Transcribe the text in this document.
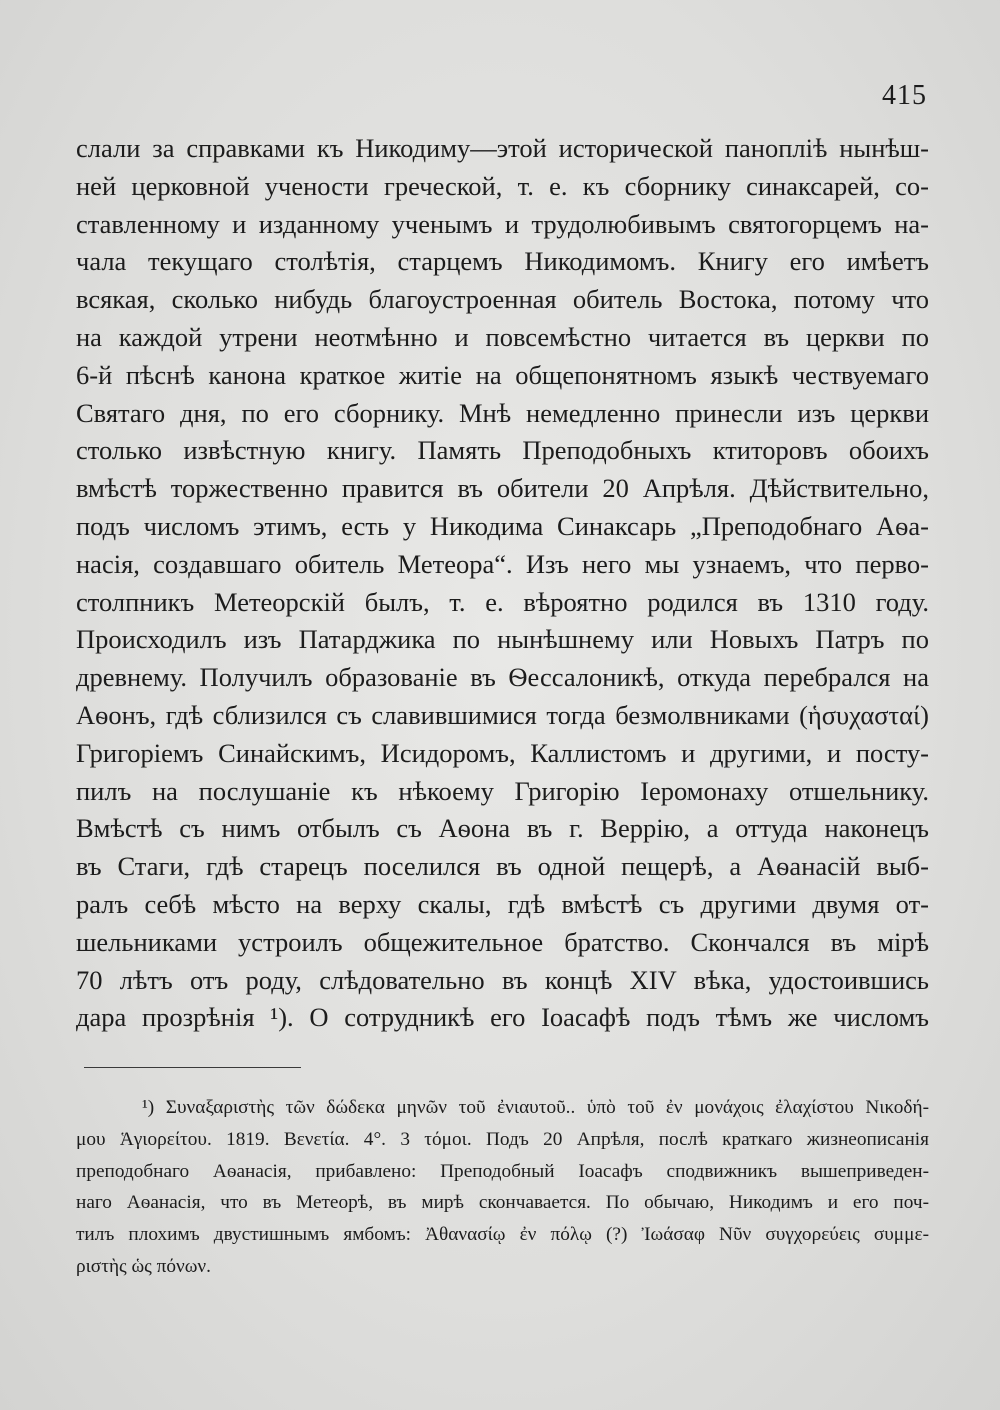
415
слали за справками къ Никодиму—этой исторической паноплiѣ нынѣш-
ней церковной учености греческой, т. е. къ сборнику синаксарей, со-
ставленному и изданному ученымъ и трудолюбивымъ святогорцемъ на-
чала текущаго столѣтiя, старцемъ Никодимомъ. Книгу его имѣетъ
всякая, сколько нибудь благоустроенная обитель Востока, потому что
на каждой утрени неотмѣнно и повсемѣстно читается въ церкви по
6-й пѣснѣ канона краткое житiе на общепонятномъ языкѣ чествуемаго
Святаго дня, по его сборнику. Мнѣ немедленно принесли изъ церкви
столько извѣстную книгу. Память Преподобныхъ ктиторовъ обоихъ
вмѣстѣ торжественно правится въ обители 20 Апрѣля. Дѣйствительно,
подъ числомъ этимъ, есть у Никодима Синаксарь „Преподобнаго Аѳа-
насiя, создавшаго обитель Метеора“. Изъ него мы узнаемъ, что перво-
столпникъ Метеорскiй былъ, т. е. вѣроятно родился въ 1310 году.
Происходилъ изъ Патарджика по нынѣшнему или Новыхъ Патръ по
древнему. Получилъ образованiе въ Ѳессалоникѣ, откуда перебрался на
Аѳонъ, гдѣ сблизился съ славившимися тогда безмолвниками (ἡσυχασταί)
Григорiемъ Синайскимъ, Исидоромъ, Каллистомъ и другими, и посту-
пилъ на послушанiе къ нѣкоему Григорiю Iеромонаху отшельнику.
Вмѣстѣ съ нимъ отбылъ съ Аѳона въ г. Веррiю, а оттуда наконецъ
въ Стаги, гдѣ старецъ поселился въ одной пещерѣ, а Аѳанасiй выб-
ралъ себѣ мѣсто на верху скалы, гдѣ вмѣстѣ съ другими двумя от-
шельниками устроилъ общежительное братство. Скончался въ мiрѣ
70 лѣтъ отъ роду, слѣдовательно въ концѣ XIV вѣка, удостоившись
дара прозрѣнiя ¹). О сотрудникѣ его Iоасафѣ подъ тѣмъ же числомъ
¹) Συναξαριστὴς τῶν δώδεκα μηνῶν τοῦ ἐνιαυτοῦ.. ὑπὸ τοῦ ἐν μονάχοις ἐλαχίστου Νικοδή-
μου Ἁγιορείτου. 1819. Βενετία. 4°. 3 τόμοι. Подъ 20 Апрѣля, послѣ краткаго жизнеописанiя
преподобнаго Аѳанасiя, прибавлено: Преподобный Iоасафъ сподвижникъ вышеприведен-
наго Аѳанасiя, что въ Метеорѣ, въ мирѣ скончавается. По обычаю, Никодимъ и его поч-
тилъ плохимъ двустишнымъ ямбомъ: Ἀθανασίῳ ἐν πόλῳ (?) Ἰωάσαφ Νῦν συγχορεύεις συμμε-
ριστὴς ὡς πόνων.
